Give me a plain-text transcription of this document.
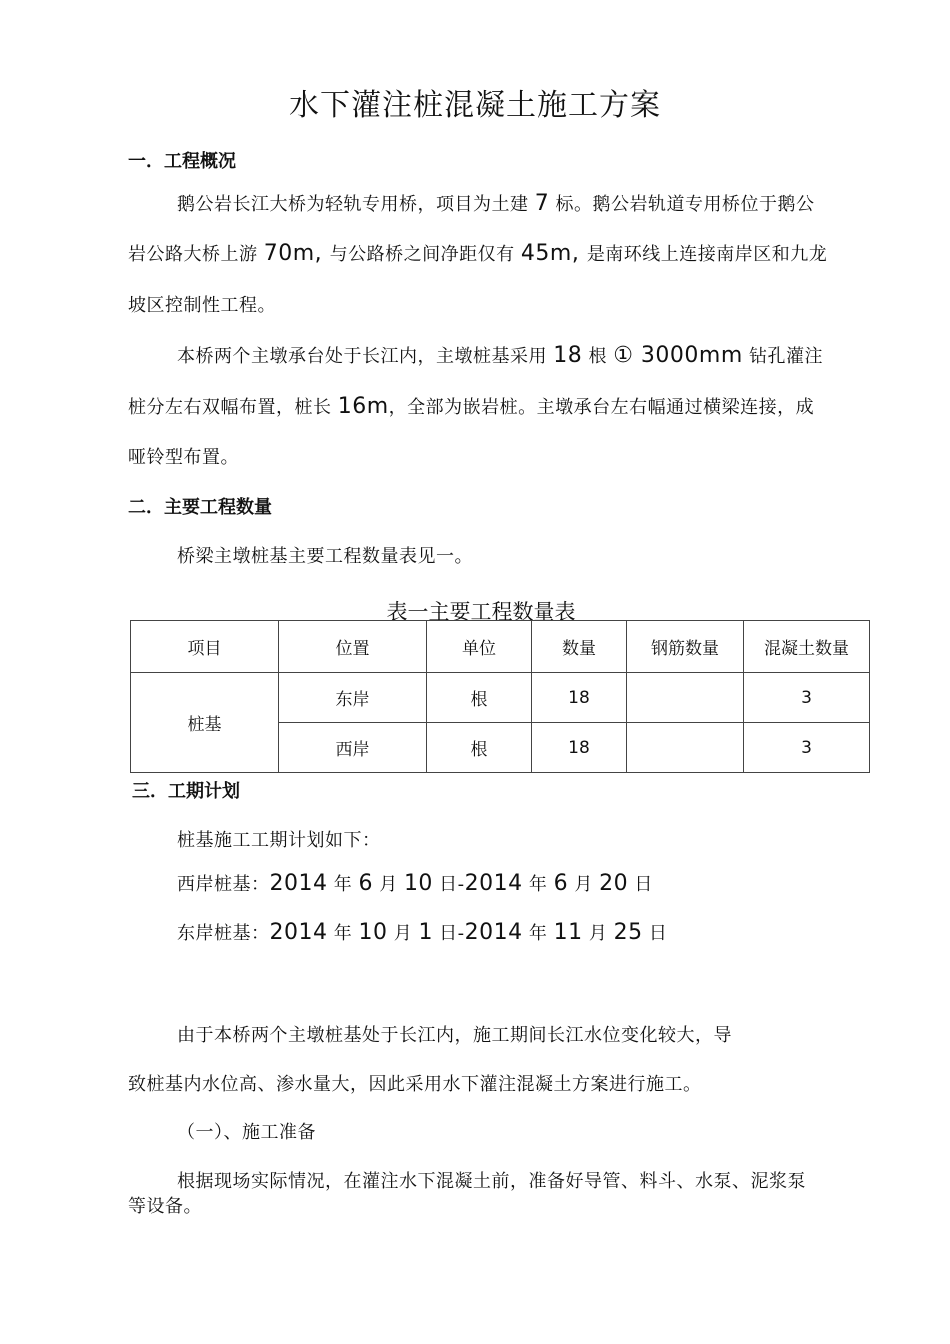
水下灌注桩混凝土施工方案
一．工程概况
鹅公岩长江大桥为轻轨专用桥，项目为土建 7 标。鹅公岩轨道专用桥位于鹅公
岩公路大桥上游 70m, 与公路桥之间净距仅有 45m, 是南环线上连接南岸区和九龙
坡区控制性工程。
本桥两个主墩承台处于长江内，主墩桩基采用 18 根 ① 3000mm 钻孔灌注
桩分左右双幅布置，桩长 16m，全部为嵌岩桩。主墩承台左右幅通过横梁连接，成
哑铃型布置。
二．主要工程数量
桥梁主墩桩基主要工程数量表见一。
表一主要工程数量表
项目	位置	单位	数量	钢筋数量	混凝土数量
桩基	东岸	根	18		3
	西岸	根	18		3
三．工期计划
桩基施工工期计划如下：
西岸桩基：2014 年 6 月 10 日-2014 年 6 月 20 日
东岸桩基：2014 年 10 月 1 日-2014 年 11 月 25 日
由于本桥两个主墩桩基处于长江内，施工期间长江水位变化较大，导
致桩基内水位高、渗水量大，因此采用水下灌注混凝土方案进行施工。
（一）、施工准备
根据现场实际情况，在灌注水下混凝土前，准备好导管、料斗、水泵、泥浆泵
等设备。
